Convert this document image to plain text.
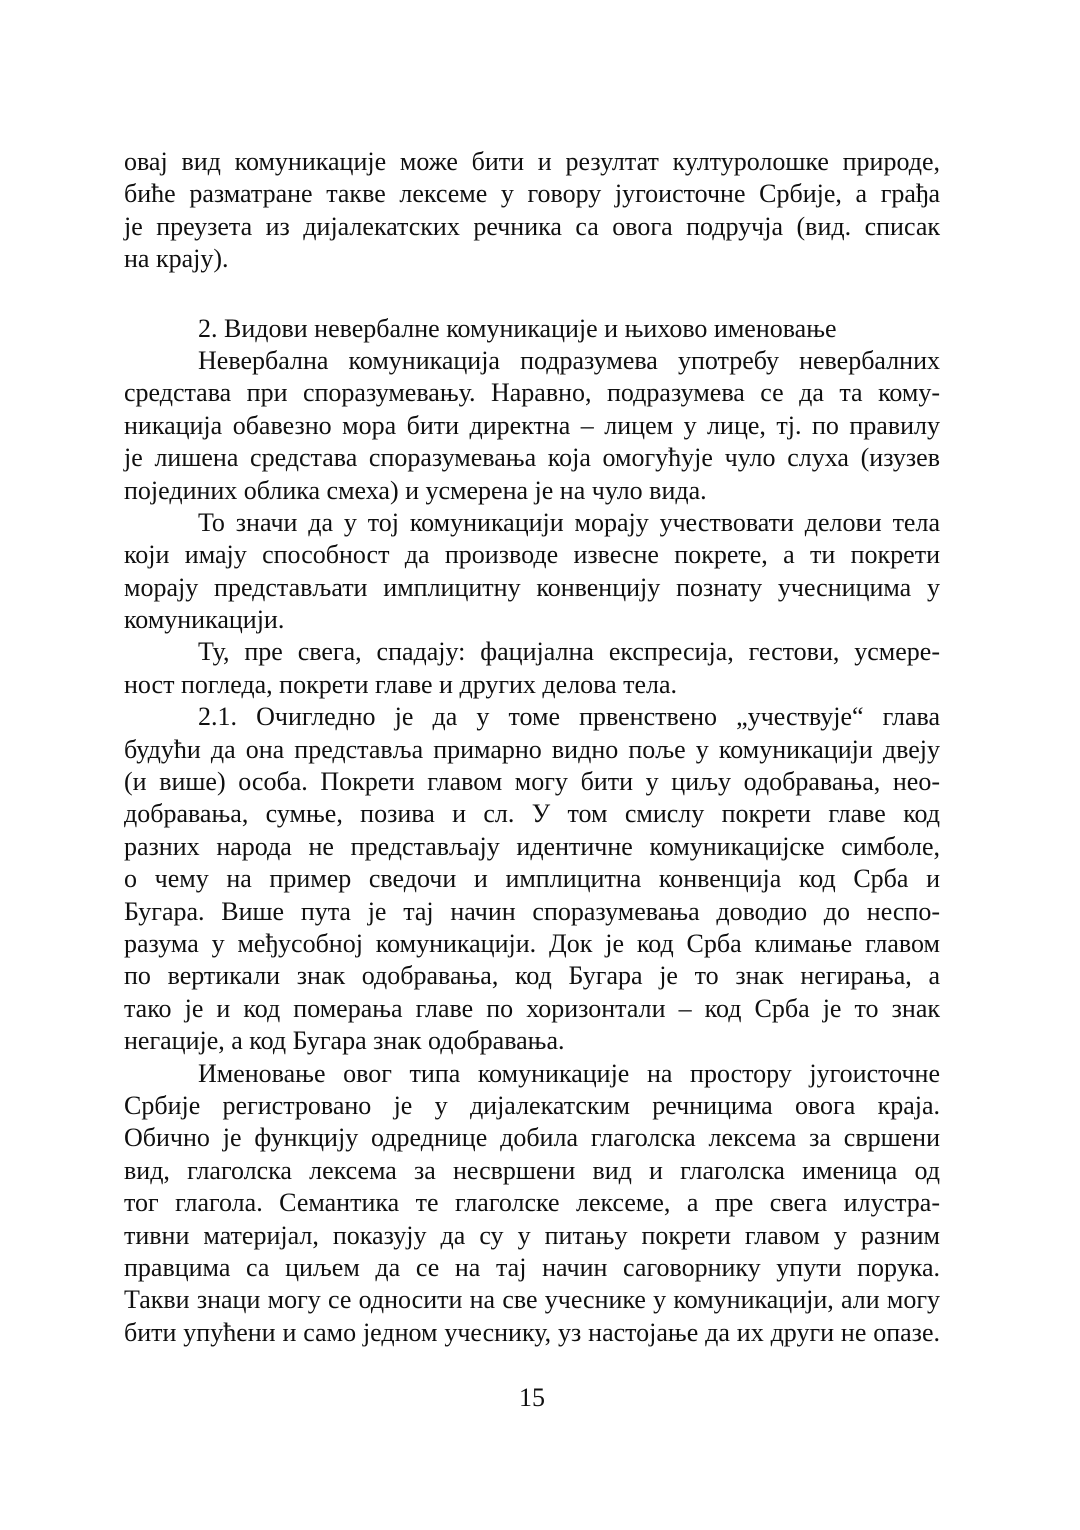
овај вид комуникације може бити и резултат културолошке природе,
биће разматране такве лексеме у говору југоисточне Србије, а грађа
је преузета из дијалекатских речника са овога подручја (вид. списак
на крају).
2. Видови невербалне комуникације и њихово именовање
Невербална комуникација подразумева употребу невербалних
средстава при споразумевању. Наравно, подразумева се да та кому-
никација обавезно мора бити директна – лицем у лице, тј. по правилу
је лишена средстава споразумевања која омогућује чуло слуха (изузев
појединих облика смеха) и усмерена је на чуло вида.
То значи да у тој комуникацији морају учествовати делови тела
који имају способност да производе извесне покрете, а ти покрети
морају представљати имплицитну конвенцију познату учесницима у
комуникацији.
Ту, пре свега, спадају: фацијална експресија, гестови, усмере-
ност погледа, покрети главе и других делова тела.
2.1. Очигледно је да у томе првенствено „учествује“ глава
будући да она представља примарно видно поље у комуникацији двеју
(и више) особа. Покрети главом могу бити у циљу одобравања, нео-
добравања, сумње, позива и сл. У том смислу покрети главе код
разних народа не представљају идентичне комуникацијске симболе,
о чему на пример сведочи и имплицитна конвенција код Срба и
Бугара. Више пута је тај начин споразумевања доводио до неспо-
разума у међусобној комуникацији. Док је код Срба климање главом
по вертикали знак одобравања, код Бугара је то знак негирања, а
тако је и код померања главе по хоризонтали – код Срба је то знак
негације, а код Бугара знак одобравања.
Именовање овог типа комуникације на простору југоисточне
Србије регистровано је у дијалекатским речницима овога краја.
Обично је функцију одреднице добила глаголска лексема за свршени
вид, глаголска лексема за несвршени вид и глаголска именица од
тог глагола. Семантика те глаголске лексеме, а пре свега илустра-
тивни материјал, показују да су у питању покрети главом у разним
правцима са циљем да се на тај начин саговорнику упути порука.
Такви знаци могу се односити на све учеснике у комуникацији, али могу
бити упућени и само једном учеснику, уз настојање да их други не опазе.
15
